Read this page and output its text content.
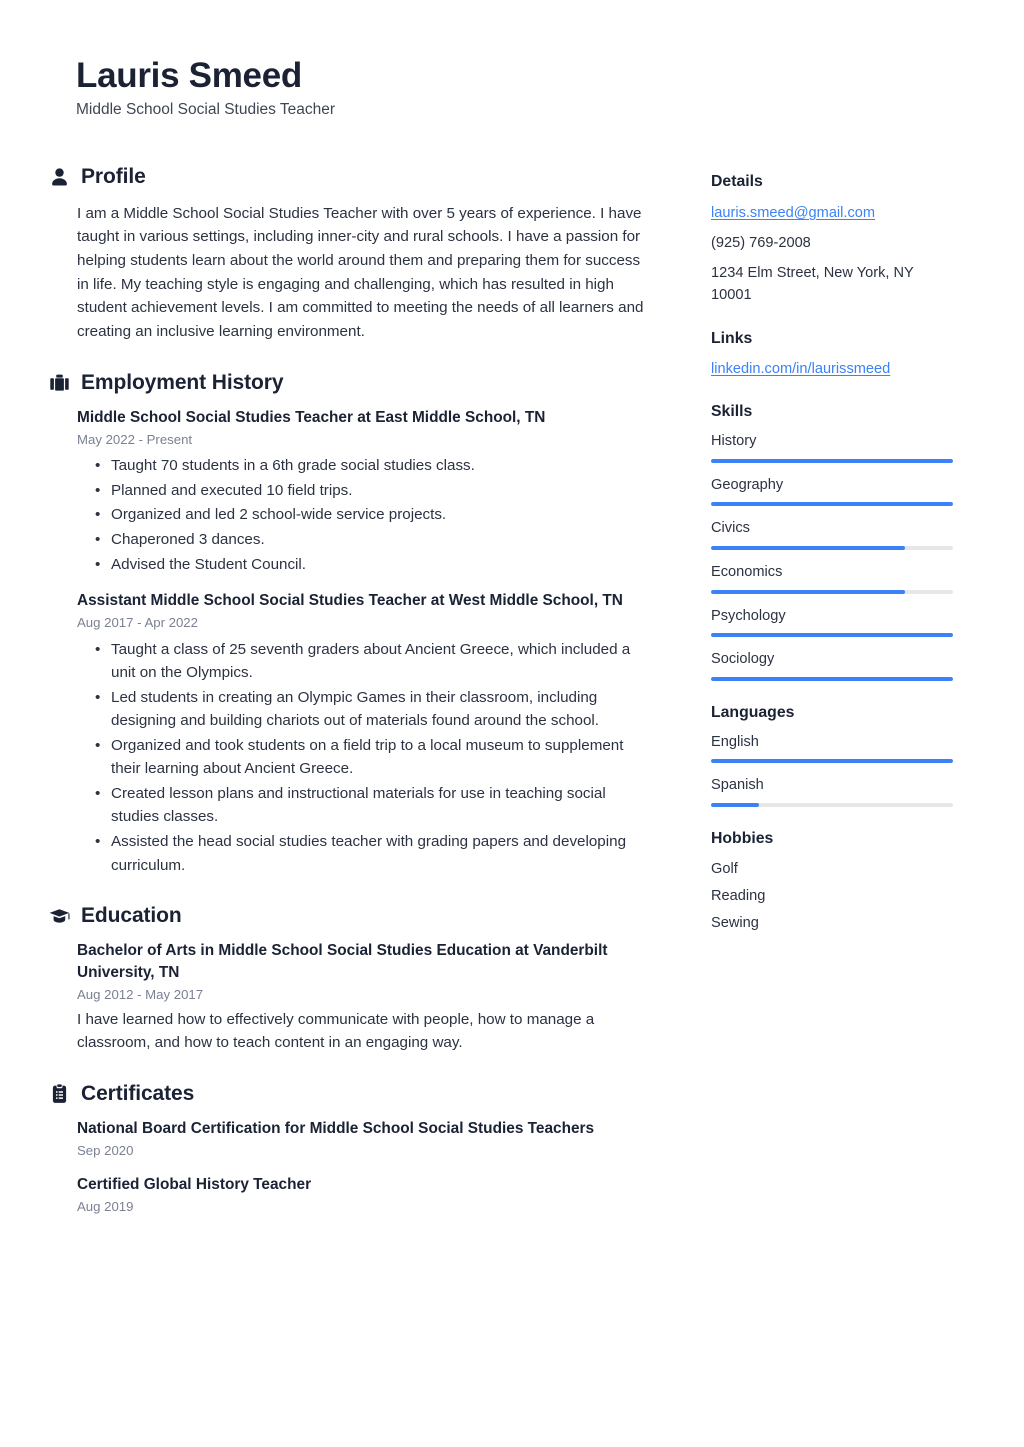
Lauris Smeed
Middle School Social Studies Teacher
Profile

I am a Middle School Social Studies Teacher with over 5 years of experience. I have taught in various settings, including inner-city and rural schools. I have a passion for helping students learn about the world around them and preparing them for success in life. My teaching style is engaging and challenging, which has resulted in high student achievement levels. I am committed to meeting the needs of all learners and creating an inclusive learning environment.

Employment History
Middle School Social Studies Teacher at East Middle School, TN
May 2022 - Present
• Taught 70 students in a 6th grade social studies class.
• Planned and executed 10 field trips.
• Organized and led 2 school-wide service projects.
• Chaperoned 3 dances.
• Advised the Student Council.
Assistant Middle School Social Studies Teacher at West Middle School, TN
Aug 2017 - Apr 2022
• Taught a class of 25 seventh graders about Ancient Greece, which included a unit on the Olympics.
• Led students in creating an Olympic Games in their classroom, including designing and building chariots out of materials found around the school.
• Organized and took students on a field trip to a local museum to supplement their learning about Ancient Greece.
• Created lesson plans and instructional materials for use in teaching social studies classes.
• Assisted the head social studies teacher with grading papers and developing curriculum.
Education
Bachelor of Arts in Middle School Social Studies Education at Vanderbilt University, TN
Aug 2012 - May 2017
I have learned how to effectively communicate with people, how to manage a classroom, and how to teach content in an engaging way.
Certificates
National Board Certification for Middle School Social Studies Teachers
Sep 2020
Certified Global History Teacher
Aug 2019
Details
lauris.smeed@gmail.com
(925) 769-2008
1234 Elm Street, New York, NY 10001
Links
linkedin.com/in/laurissmeed
Skills
History
Geography
Civics
Economics
Psychology
Sociology
Languages
English
Spanish
Hobbies
Golf
Reading
Sewing
